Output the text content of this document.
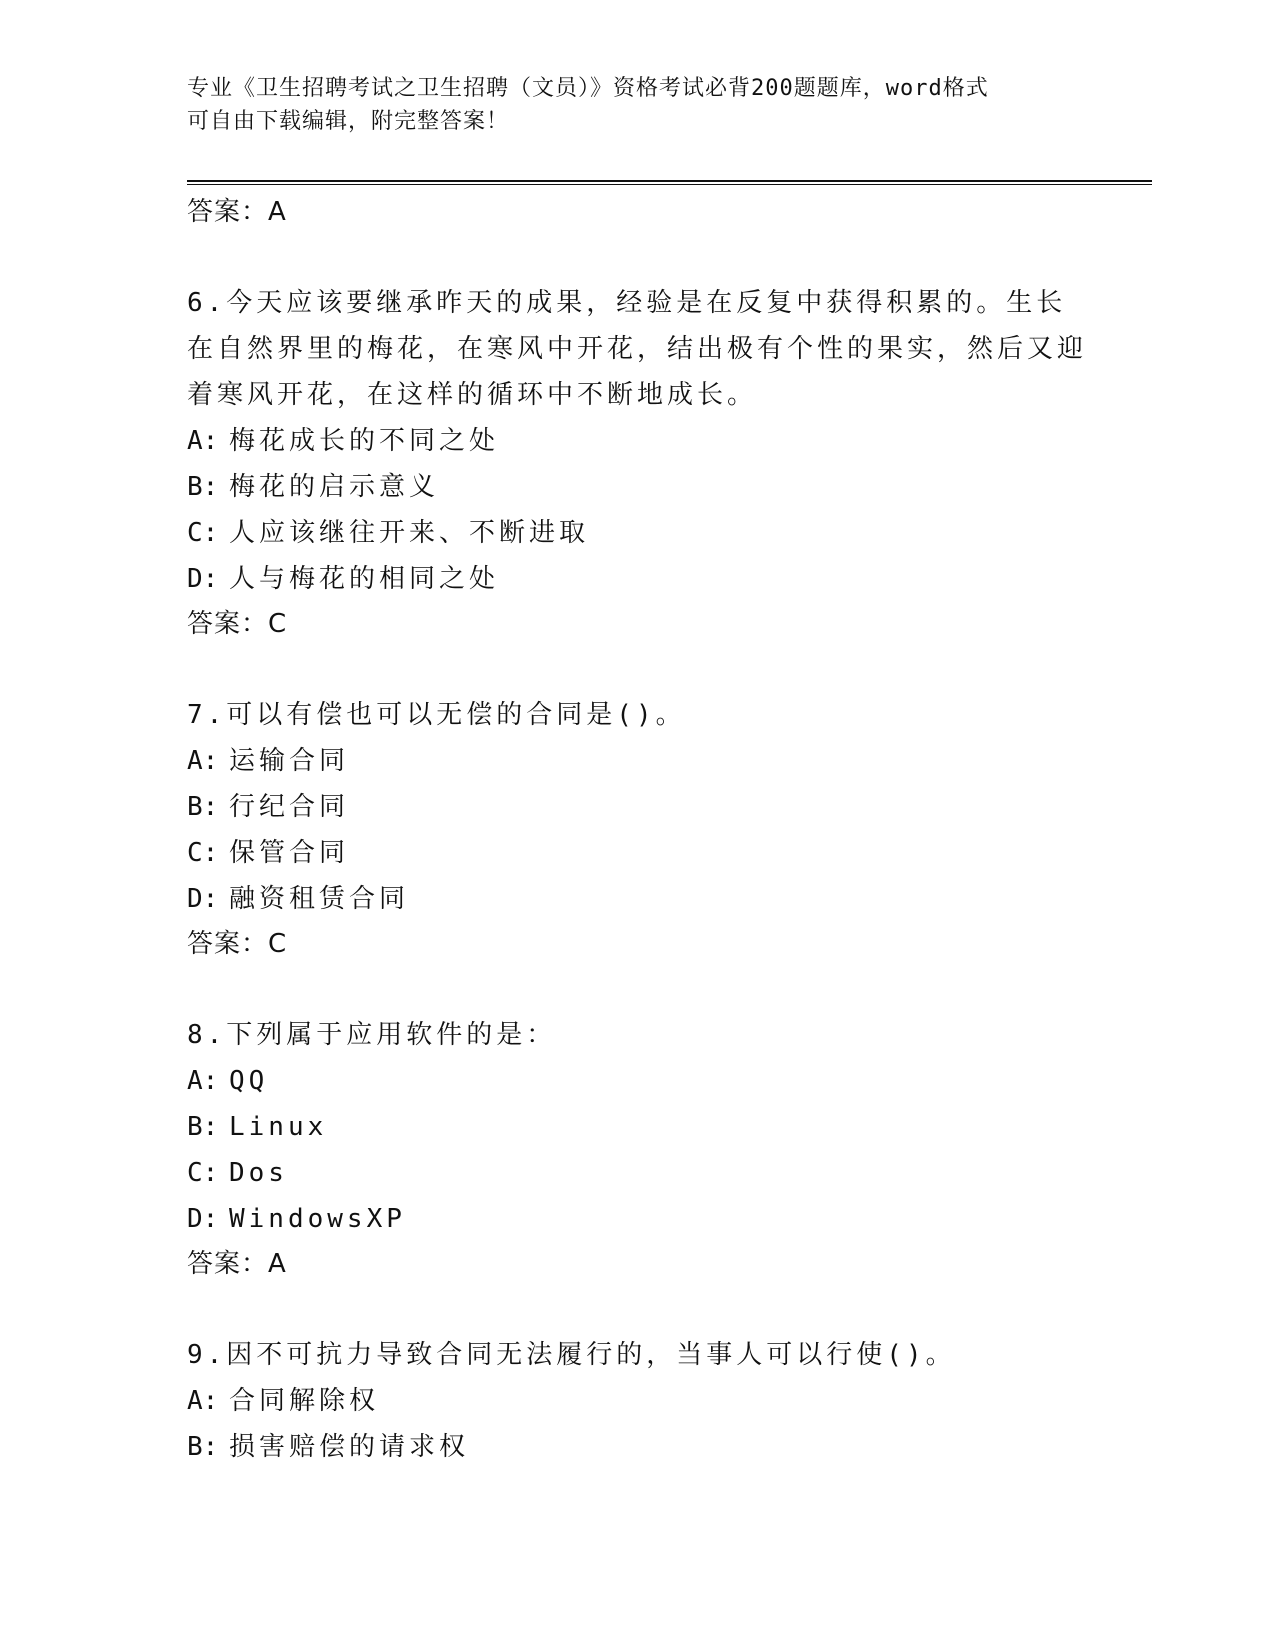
专业《卫生招聘考试之卫生招聘（文员）》资格考试必背200题题库，word格式
可自由下载编辑，附完整答案！
答案：A
6.今天应该要继承昨天的成果，经验是在反复中获得积累的。生长在自然界里的梅花，在寒风中开花，结出极有个性的果实，然后又迎着寒风开花，在这样的循环中不断地成长。
A: 梅花成长的不同之处
B: 梅花的启示意义
C: 人应该继往开来、不断进取
D: 人与梅花的相同之处
答案：C
7.可以有偿也可以无偿的合同是()。
A: 运输合同
B: 行纪合同
C: 保管合同
D: 融资租赁合同
答案：C
8.下列属于应用软件的是：
A: QQ
B: Linux
C: Dos
D: WindowsXP
答案：A
9.因不可抗力导致合同无法履行的，当事人可以行使()。
A: 合同解除权
B: 损害赔偿的请求权
